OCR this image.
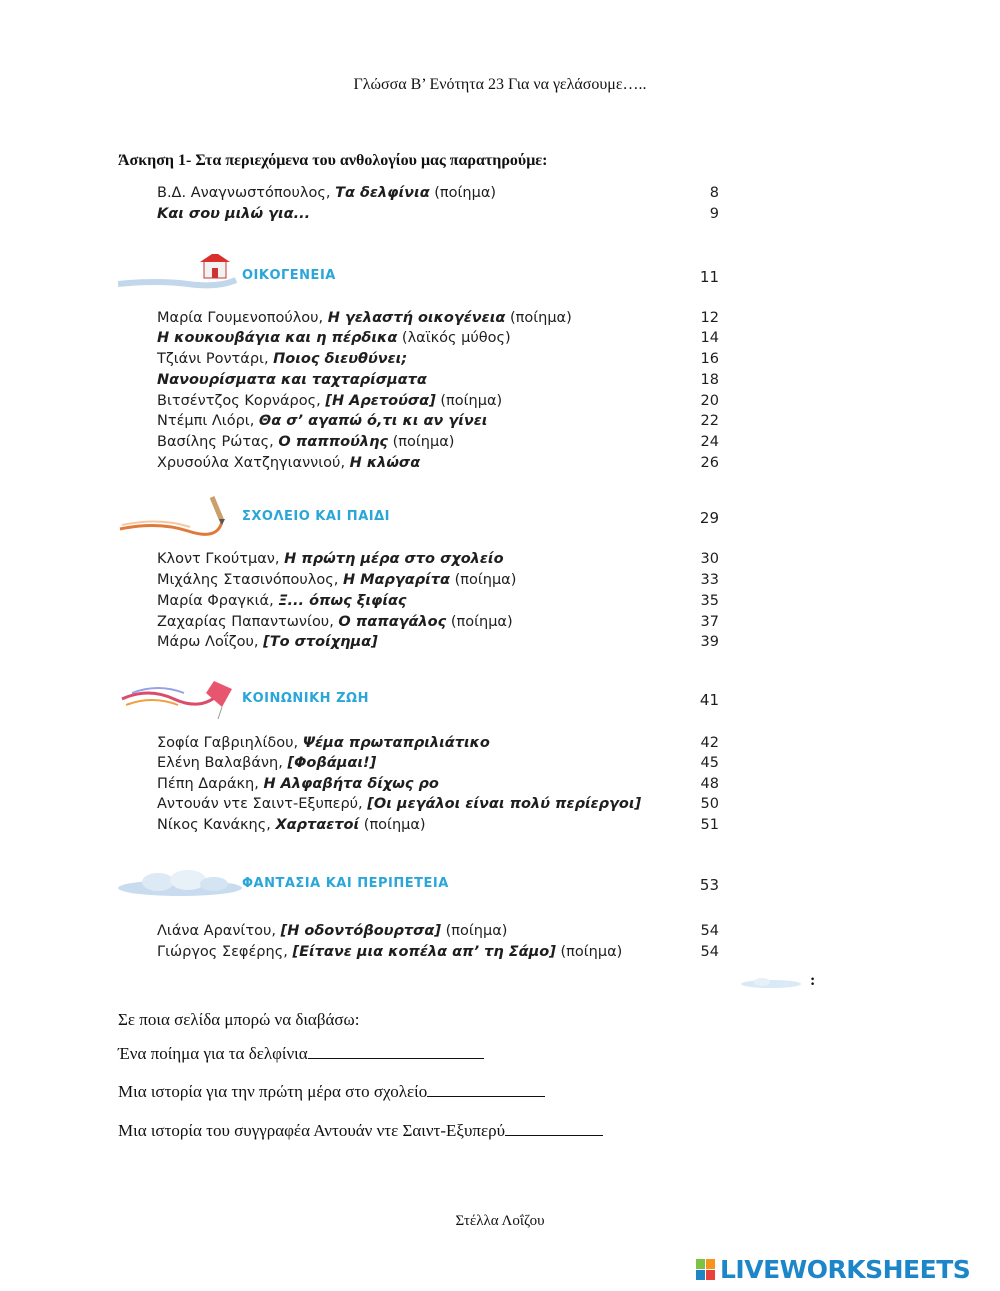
Γλώσσα Β’ Ενότητα 23 Για να γελάσουμε…..
Άσκηση 1- Στα περιεχόμενα του ανθολογίου μας παρατηρούμε:
Β.Δ. Αναγνωστόπουλος, Τα δελφίνια (ποίημα)	8
Και σου μιλώ για...	9
ΟΙΚΟΓΕΝΕΙΑ	11
Μαρία Γουμενοπούλου, Η γελαστή οικογένεια (ποίημα)	12
Η κουκουβάγια και η πέρδικα (λαϊκός μύθος)	14
Τζιάνι Ροντάρι, Ποιος διευθύνει;	16
Νανουρίσματα και ταχταρίσματα	18
Βιτσέντζος Κορνάρος, [Η Αρετούσα] (ποίημα)	20
Ντέμπι Λιόρι, Θα σ’ αγαπώ ό,τι κι αν γίνει	22
Βασίλης Ρώτας, Ο παππούλης (ποίημα)	24
Χρυσούλα Χατζηγιαννιού, Η κλώσα	26
ΣΧΟΛΕΙΟ ΚΑΙ ΠΑΙΔΙ	29
Κλοντ Γκούτμαν, Η πρώτη μέρα στο σχολείο	30
Μιχάλης Στασινόπουλος, Η Μαργαρίτα (ποίημα)	33
Μαρία Φραγκιά, Ξ... όπως ξιφίας	35
Ζαχαρίας Παπαντωνίου, Ο παπαγάλος (ποίημα)	37
Μάρω Λοΐζου, [Το στοίχημα]	39
ΚΟΙΝΩΝΙΚΗ ΖΩΗ	41
Σοφία Γαβριηλίδου, Ψέμα πρωταπριλιάτικο	42
Ελένη Βαλαβάνη, [Φοβάμαι!]	45
Πέπη Δαράκη, Η Αλφαβήτα δίχως ρο	48
Αντουάν ντε Σαιντ-Εξυπερύ, [Οι μεγάλοι είναι πολύ περίεργοι]	50
Νίκος Κανάκης, Χαρταετοί (ποίημα)	51
ΦΑΝΤΑΣΙΑ ΚΑΙ ΠΕΡΙΠΕΤΕΙΑ	53
Λιάνα Αρανίτου, [Η οδοντόβουρτσα] (ποίημα)	54
Γιώργος Σεφέρης, [Είτανε μια κοπέλα απ’ τη Σάμο] (ποίημα)	54
:
Σε ποια σελίδα μπορώ να διαβάσω:
Ένα ποίημα για τα δελφίνια
Μια ιστορία για την πρώτη μέρα στο σχολείο
Μια ιστορία του συγγραφέα Αντουάν ντε Σαιντ-Εξυπερύ
Στέλλα Λοΐζου
LIVEWORKSHEETS
